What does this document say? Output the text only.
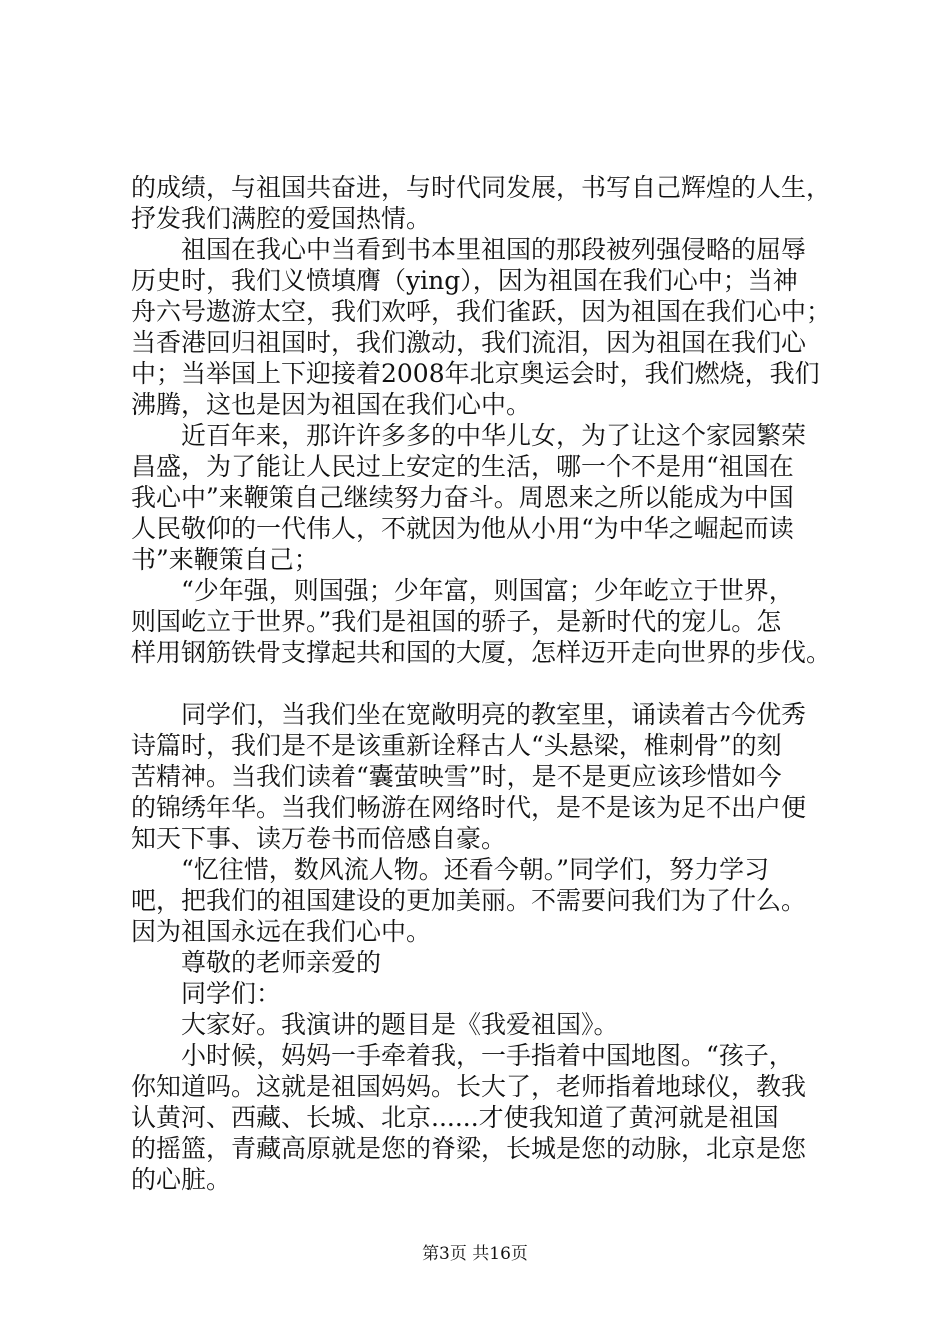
的成绩，与祖国共奋进，与时代同发展，书写自己辉煌的人生，
抒发我们满腔的爱国热情。
祖国在我心中当看到书本里祖国的那段被列强侵略的屈辱
历史时，我们义愤填膺（ying），因为祖国在我们心中；当神
舟六号遨游太空，我们欢呼，我们雀跃，因为祖国在我们心中；
当香港回归祖国时，我们激动，我们流泪，因为祖国在我们心
中；当举国上下迎接着2008年北京奥运会时，我们燃烧，我们
沸腾，这也是因为祖国在我们心中。
近百年来，那许许多多的中华儿女，为了让这个家园繁荣
昌盛，为了能让人民过上安定的生活，哪一个不是用“祖国在
我心中”来鞭策自己继续努力奋斗。周恩来之所以能成为中国
人民敬仰的一代伟人，不就因为他从小用“为中华之崛起而读
书”来鞭策自己；
“少年强，则国强；少年富，则国富；少年屹立于世界，
则国屹立于世界。”我们是祖国的骄子，是新时代的宠儿。怎
样用钢筋铁骨支撑起共和国的大厦，怎样迈开走向世界的步伐。
同学们，当我们坐在宽敞明亮的教室里，诵读着古今优秀
诗篇时，我们是不是该重新诠释古人“头悬梁，椎刺骨”的刻
苦精神。当我们读着“囊萤映雪”时，是不是更应该珍惜如今
的锦绣年华。当我们畅游在网络时代，是不是该为足不出户便
知天下事、读万卷书而倍感自豪。
“忆往惜，数风流人物。还看今朝。”同学们，努力学习
吧，把我们的祖国建设的更加美丽。不需要问我们为了什么。
因为祖国永远在我们心中。
尊敬的老师亲爱的
同学们：
大家好。我演讲的题目是《我爱祖国》。
小时候，妈妈一手牵着我，一手指着中国地图。“孩子，
你知道吗。这就是祖国妈妈。长大了，老师指着地球仪，教我
认黄河、西藏、长城、北京......才使我知道了黄河就是祖国
的摇篮，青藏高原就是您的脊梁，长城是您的动脉，北京是您
的心脏。
第3页 共16页
